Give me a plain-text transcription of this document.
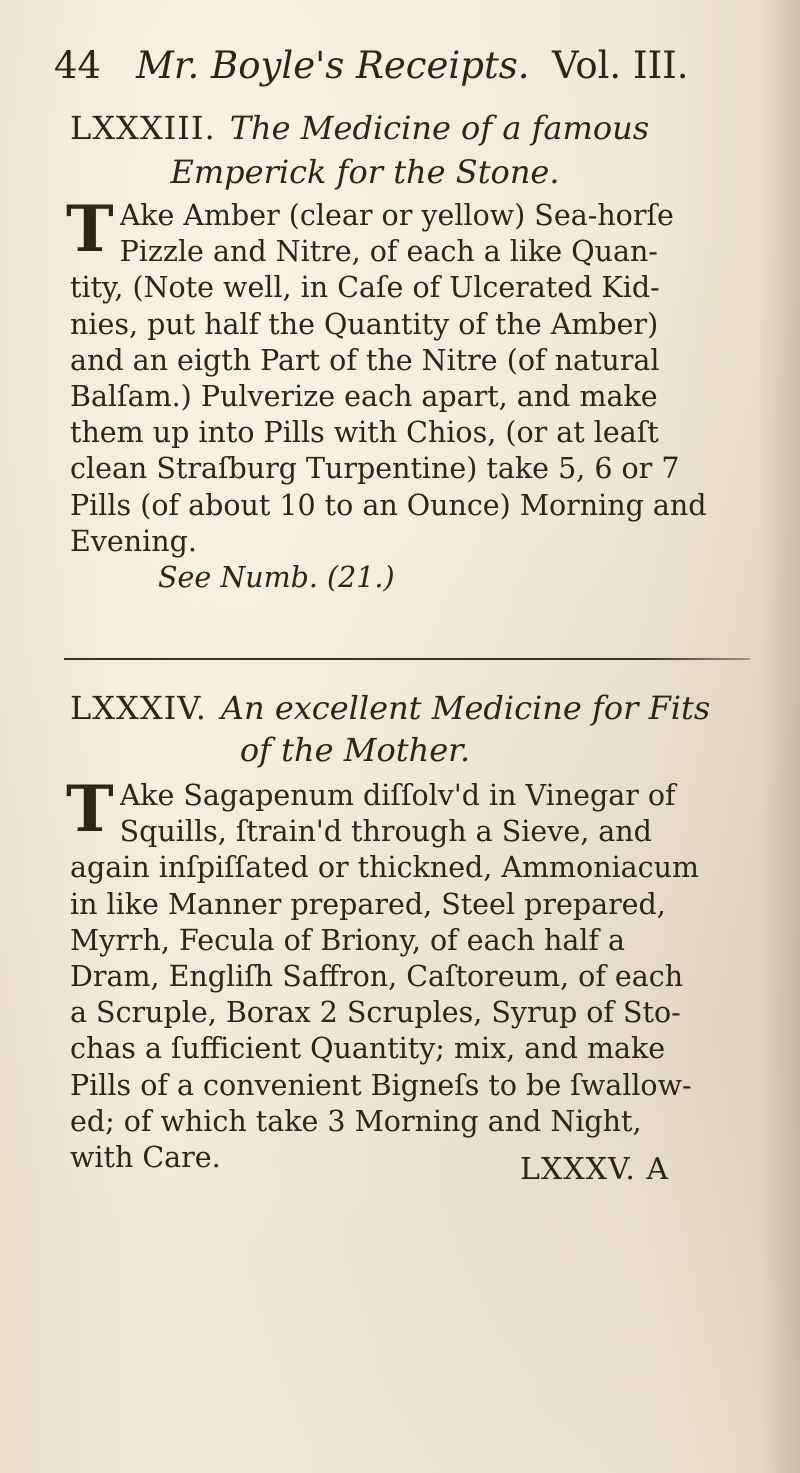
44 Mr. Boyle's Receipts. Vol. III.
LXXXIII. The Medicine of a famous
Emperick for the Stone.
T Ake Amber (clear or yellow) Sea-horſe
Pizzle and Nitre, of each a like Quan-
tity, (Note well, in Caſe of Ulcerated Kid-
nies, put half the Quantity of the Amber)
and an eigth Part of the Nitre (of natural
Balſam.) Pulverize each apart, and make
them up into Pills with Chios, (or at leaſt
clean Straſburg Turpentine) take 5, 6 or 7
Pills (of about 10 to an Ounce) Morning and
Evening.
See Numb. (21.)
LXXXIV. An excellent Medicine for Fits
of the Mother.
T Ake Sagapenum diſſolv'd in Vinegar of
Squills, ſtrain'd through a Sieve, and
again inſpiſſated or thickned, Ammoniacum
in like Manner prepared, Steel prepared,
Myrrh, Fecula of Briony, of each half a
Dram, Engliſh Saffron, Caſtoreum, of each
a Scruple, Borax 2 Scruples, Syrup of Sto-
chas a ſufficient Quantity; mix, and make
Pills of a convenient Bigneſs to be ſwallow-
ed; of which take 3 Morning and Night,
with Care.	LXXXV. A
